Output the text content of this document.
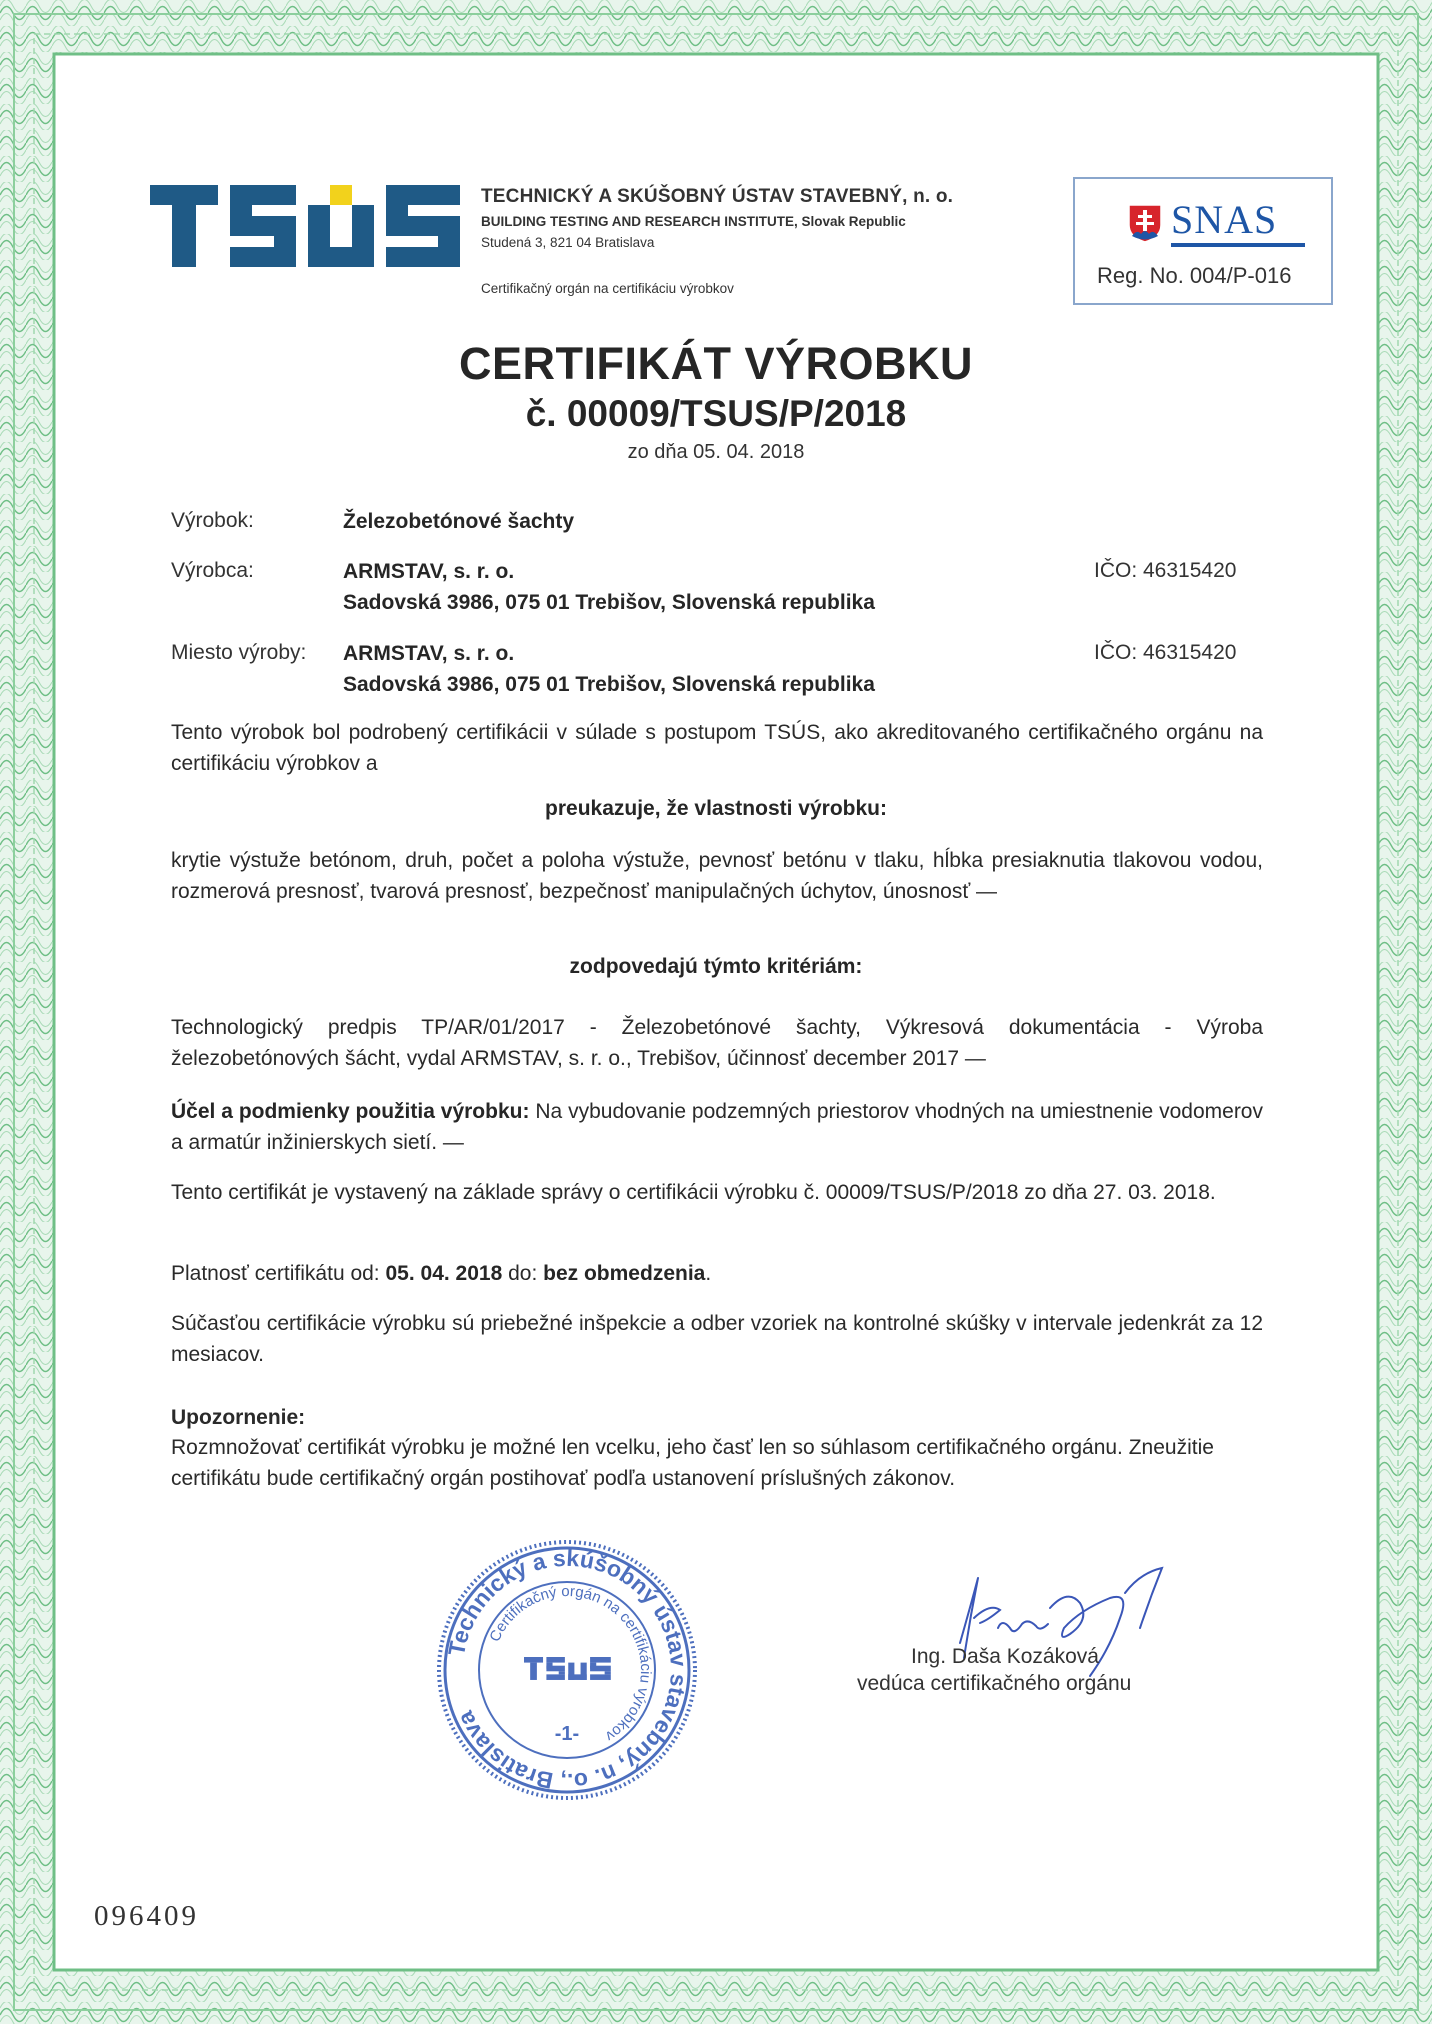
TECHNICKÝ A SKÚŠOBNÝ ÚSTAV STAVEBNÝ, n. o.
BUILDING TESTING AND RESEARCH INSTITUTE, Slovak Republic
Studená 3, 821 04 Bratislava
Certifikačný orgán na certifikáciu výrobkov
SNAS
Reg. No. 004/P-016
CERTIFIKÁT VÝROBKU
č. 00009/TSUS/P/2018
zo dňa 05. 04. 2018
Výrobok:	Železobetónové šachty
Výrobca:	ARMSTAV, s. r. o.
Sadovská 3986, 075 01 Trebišov, Slovenská republika
IČO: 46315420
Miesto výroby: ARMSTAV, s. r. o.
Sadovská 3986, 075 01 Trebišov, Slovenská republika
IČO: 46315420
Tento výrobok bol podrobený certifikácii v súlade s postupom TSÚS, ako akreditovaného certifikačného orgánu na certifikáciu výrobkov a
preukazuje, že vlastnosti výrobku:
krytie výstuže betónom, druh, počet a poloha výstuže, pevnosť betónu v tlaku, hĺbka presiaknutia tlakovou vodou, rozmerová presnosť, tvarová presnosť, bezpečnosť manipulačných úchytov, únosnosť —
zodpovedajú týmto kritériám:
Technologický predpis TP/AR/01/2017 - Železobetónové šachty, Výkresová dokumentácia - Výroba železobetónových šácht, vydal ARMSTAV, s. r. o., Trebišov, účinnosť december 2017 —
Účel a podmienky použitia výrobku: Na vybudovanie podzemných priestorov vhodných na umiestnenie vodomerov a armatúr inžinierskych sietí. —
Tento certifikát je vystavený na základe správy o certifikácii výrobku č. 00009/TSUS/P/2018 zo dňa 27. 03. 2018.
Platnosť certifikátu od: 05. 04. 2018 do: bez obmedzenia.
Súčasťou certifikácie výrobku sú priebežné inšpekcie a odber vzoriek na kontrolné skúšky v intervale jedenkrát za 12 mesiacov.
Upozornenie:
Rozmnožovať certifikát výrobku je možné len vcelku, jeho časť len so súhlasom certifikačného orgánu. Zneužitie certifikátu bude certifikačný orgán postihovať podľa ustanovení príslušných zákonov.
Technický a skúšobný ústav stavebný, n. o., Bratislava
Certifikačný orgán na certifikáciu výrobkov
-1-
Ing. Daša Kozáková
vedúca certifikačného orgánu
096409
